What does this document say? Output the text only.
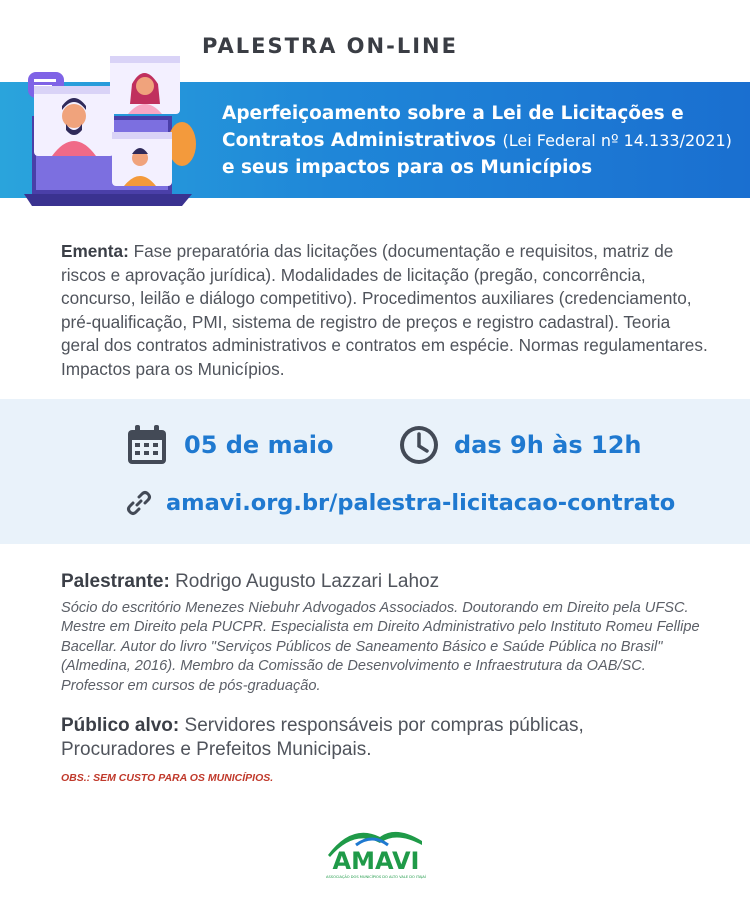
PALESTRA ON-LINE
Aperfeiçoamento sobre a Lei de Licitações e
Contratos Administrativos (Lei Federal nº 14.133/2021)
e seus impactos para os Municípios
Ementa: Fase preparatória das licitações (documentação e requisitos, matriz de riscos e aprovação jurídica). Modalidades de licitação (pregão, concorrência, concurso, leilão e diálogo competitivo). Procedimentos auxiliares (credenciamento, pré-qualificação, PMI, sistema de registro de preços e registro cadastral). Teoria geral dos contratos administrativos e contratos em espécie. Normas regulamentares. Impactos para os Municípios.
05 de maio	das 9h às 12h
amavi.org.br/palestra-licitacao-contrato
Palestrante: Rodrigo Augusto Lazzari Lahoz
Sócio do escritório Menezes Niebuhr Advogados Associados. Doutorando em Direito pela UFSC. Mestre em Direito pela PUCPR. Especialista em Direito Administrativo pelo Instituto Romeu Fellipe Bacellar. Autor do livro "Serviços Públicos de Saneamento Básico e Saúde Pública no Brasil" (Almedina, 2016). Membro da Comissão de Desenvolvimento e Infraestrutura da OAB/SC. Professor em cursos de pós-graduação.
Público alvo: Servidores responsáveis por compras públicas, Procuradores e Prefeitos Municipais.
OBS.: SEM CUSTO PARA OS MUNICÍPIOS.
AMAVI
ASSOCIAÇÃO DOS MUNICÍPIOS DO ALTO VALE DO ITAJAÍ
